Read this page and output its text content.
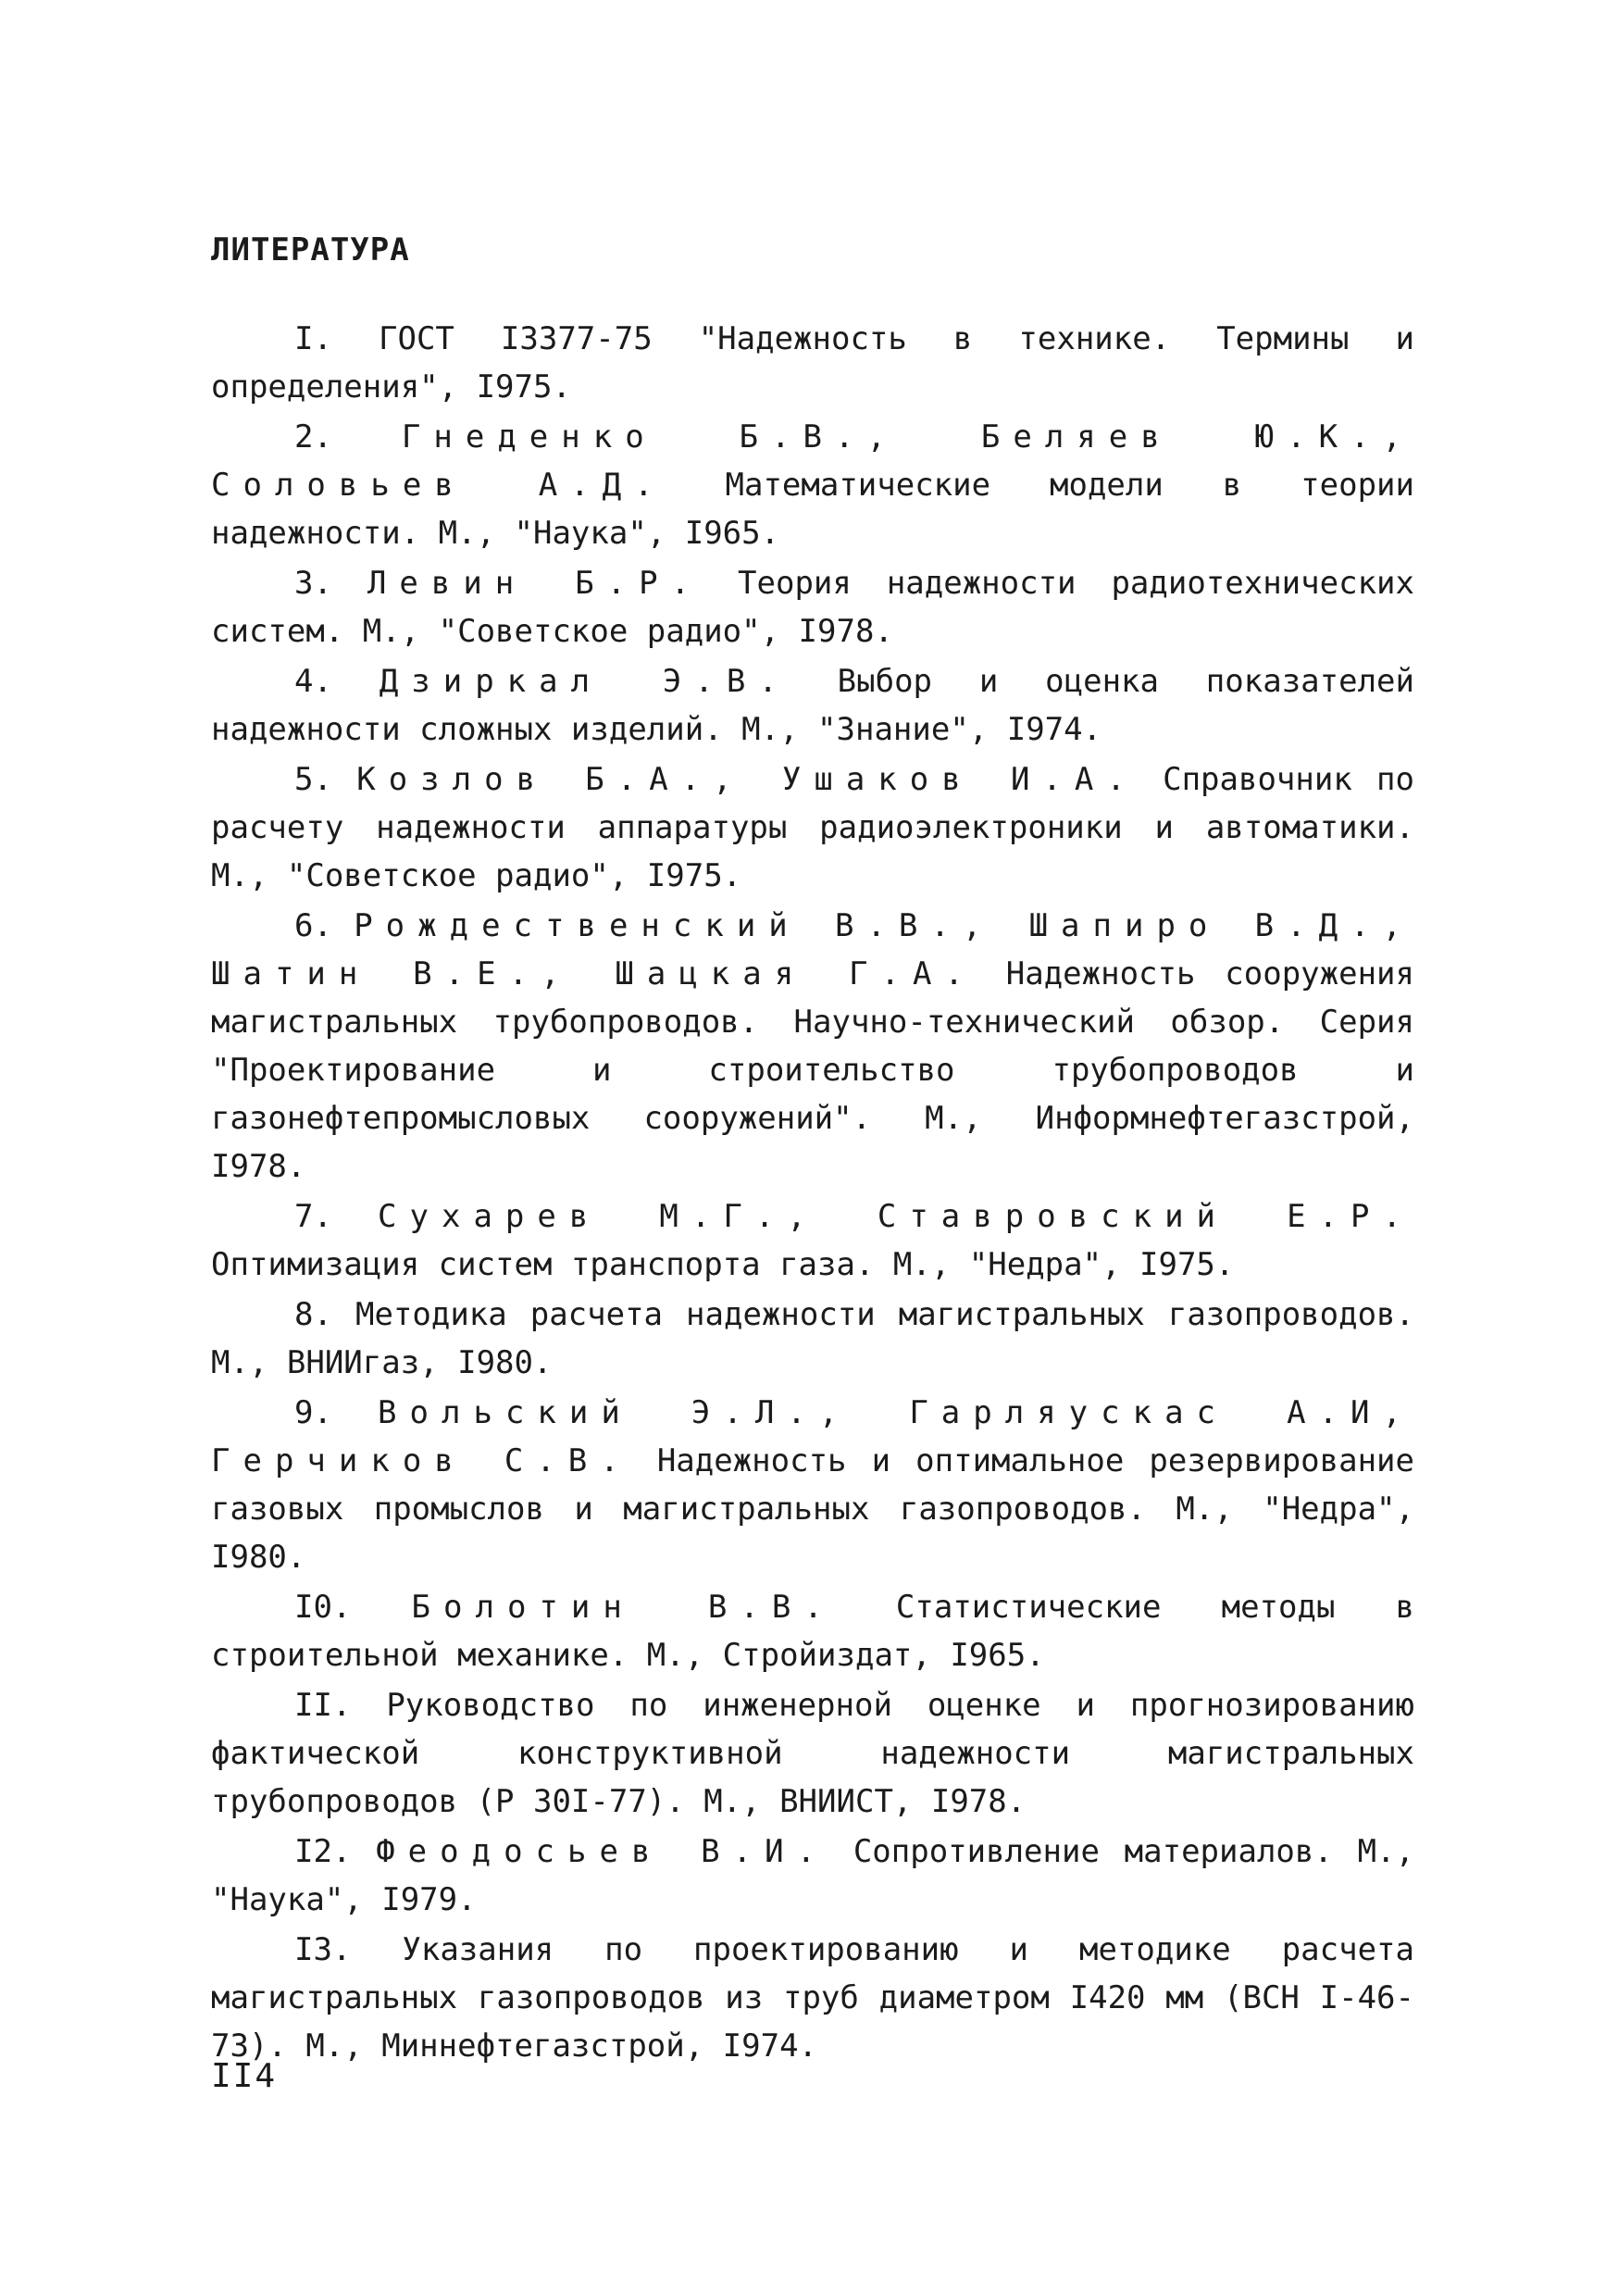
ЛИТЕРАТУРА

I. ГОСТ I3377-75 "Надежность в технике. Термины и определения", I975.

2. Гнеденко Б.В., Беляев Ю.К., Соловьев А.Д. Математические модели в теории надежности. М., "Наука", I965.

3. Левин Б.Р. Теория надежности радиотехнических систем. М., "Советское радио", I978.

4. Дзиркал Э.В. Выбор и оценка показателей надежности сложных изделий. М., "Знание", I974.

5. Козлов Б.А., Ушаков И.А. Справочник по расчету надежности аппаратуры радиоэлектроники и автоматики. М., "Советское радио", I975.

6. Рождественский В.В., Шапиро В.Д., Шатин В.Е., Шацкая Г.А. Надежность сооружения магистральных трубопроводов. Научно-технический обзор. Серия "Проектирование и строительство трубопроводов и газонефтепромысловых сооружений". М., Информнефтегазстрой, I978.

7. Сухарев М.Г., Ставровский Е.Р. Оптимизация систем транспорта газа. М., "Недра", I975.

8. Методика расчета надежности магистральных газопроводов. М., ВНИИгаз, I980.

9. Вольский Э.Л., Гарляускас А.И, Герчиков С.В. Надежность и оптимальное резервирование газовых промыслов и магистральных газопроводов. М., "Недра", I980.

I0. Болотин В.В. Статистические методы в строительной механике. М., Стройиздат, I965.

II. Руководство по инженерной оценке и прогнозированию фактической конструктивной надежности магистральных трубопроводов (Р 30I-77). М., ВНИИСТ, I978.

I2. Феодосьев В.И. Сопротивление материалов. М., "Наука", I979.

I3. Указания по проектированию и методике расчета магистральных газопроводов из труб диаметром I420 мм (ВСН I-46-73). М., Миннефтегазстрой, I974.

II4
